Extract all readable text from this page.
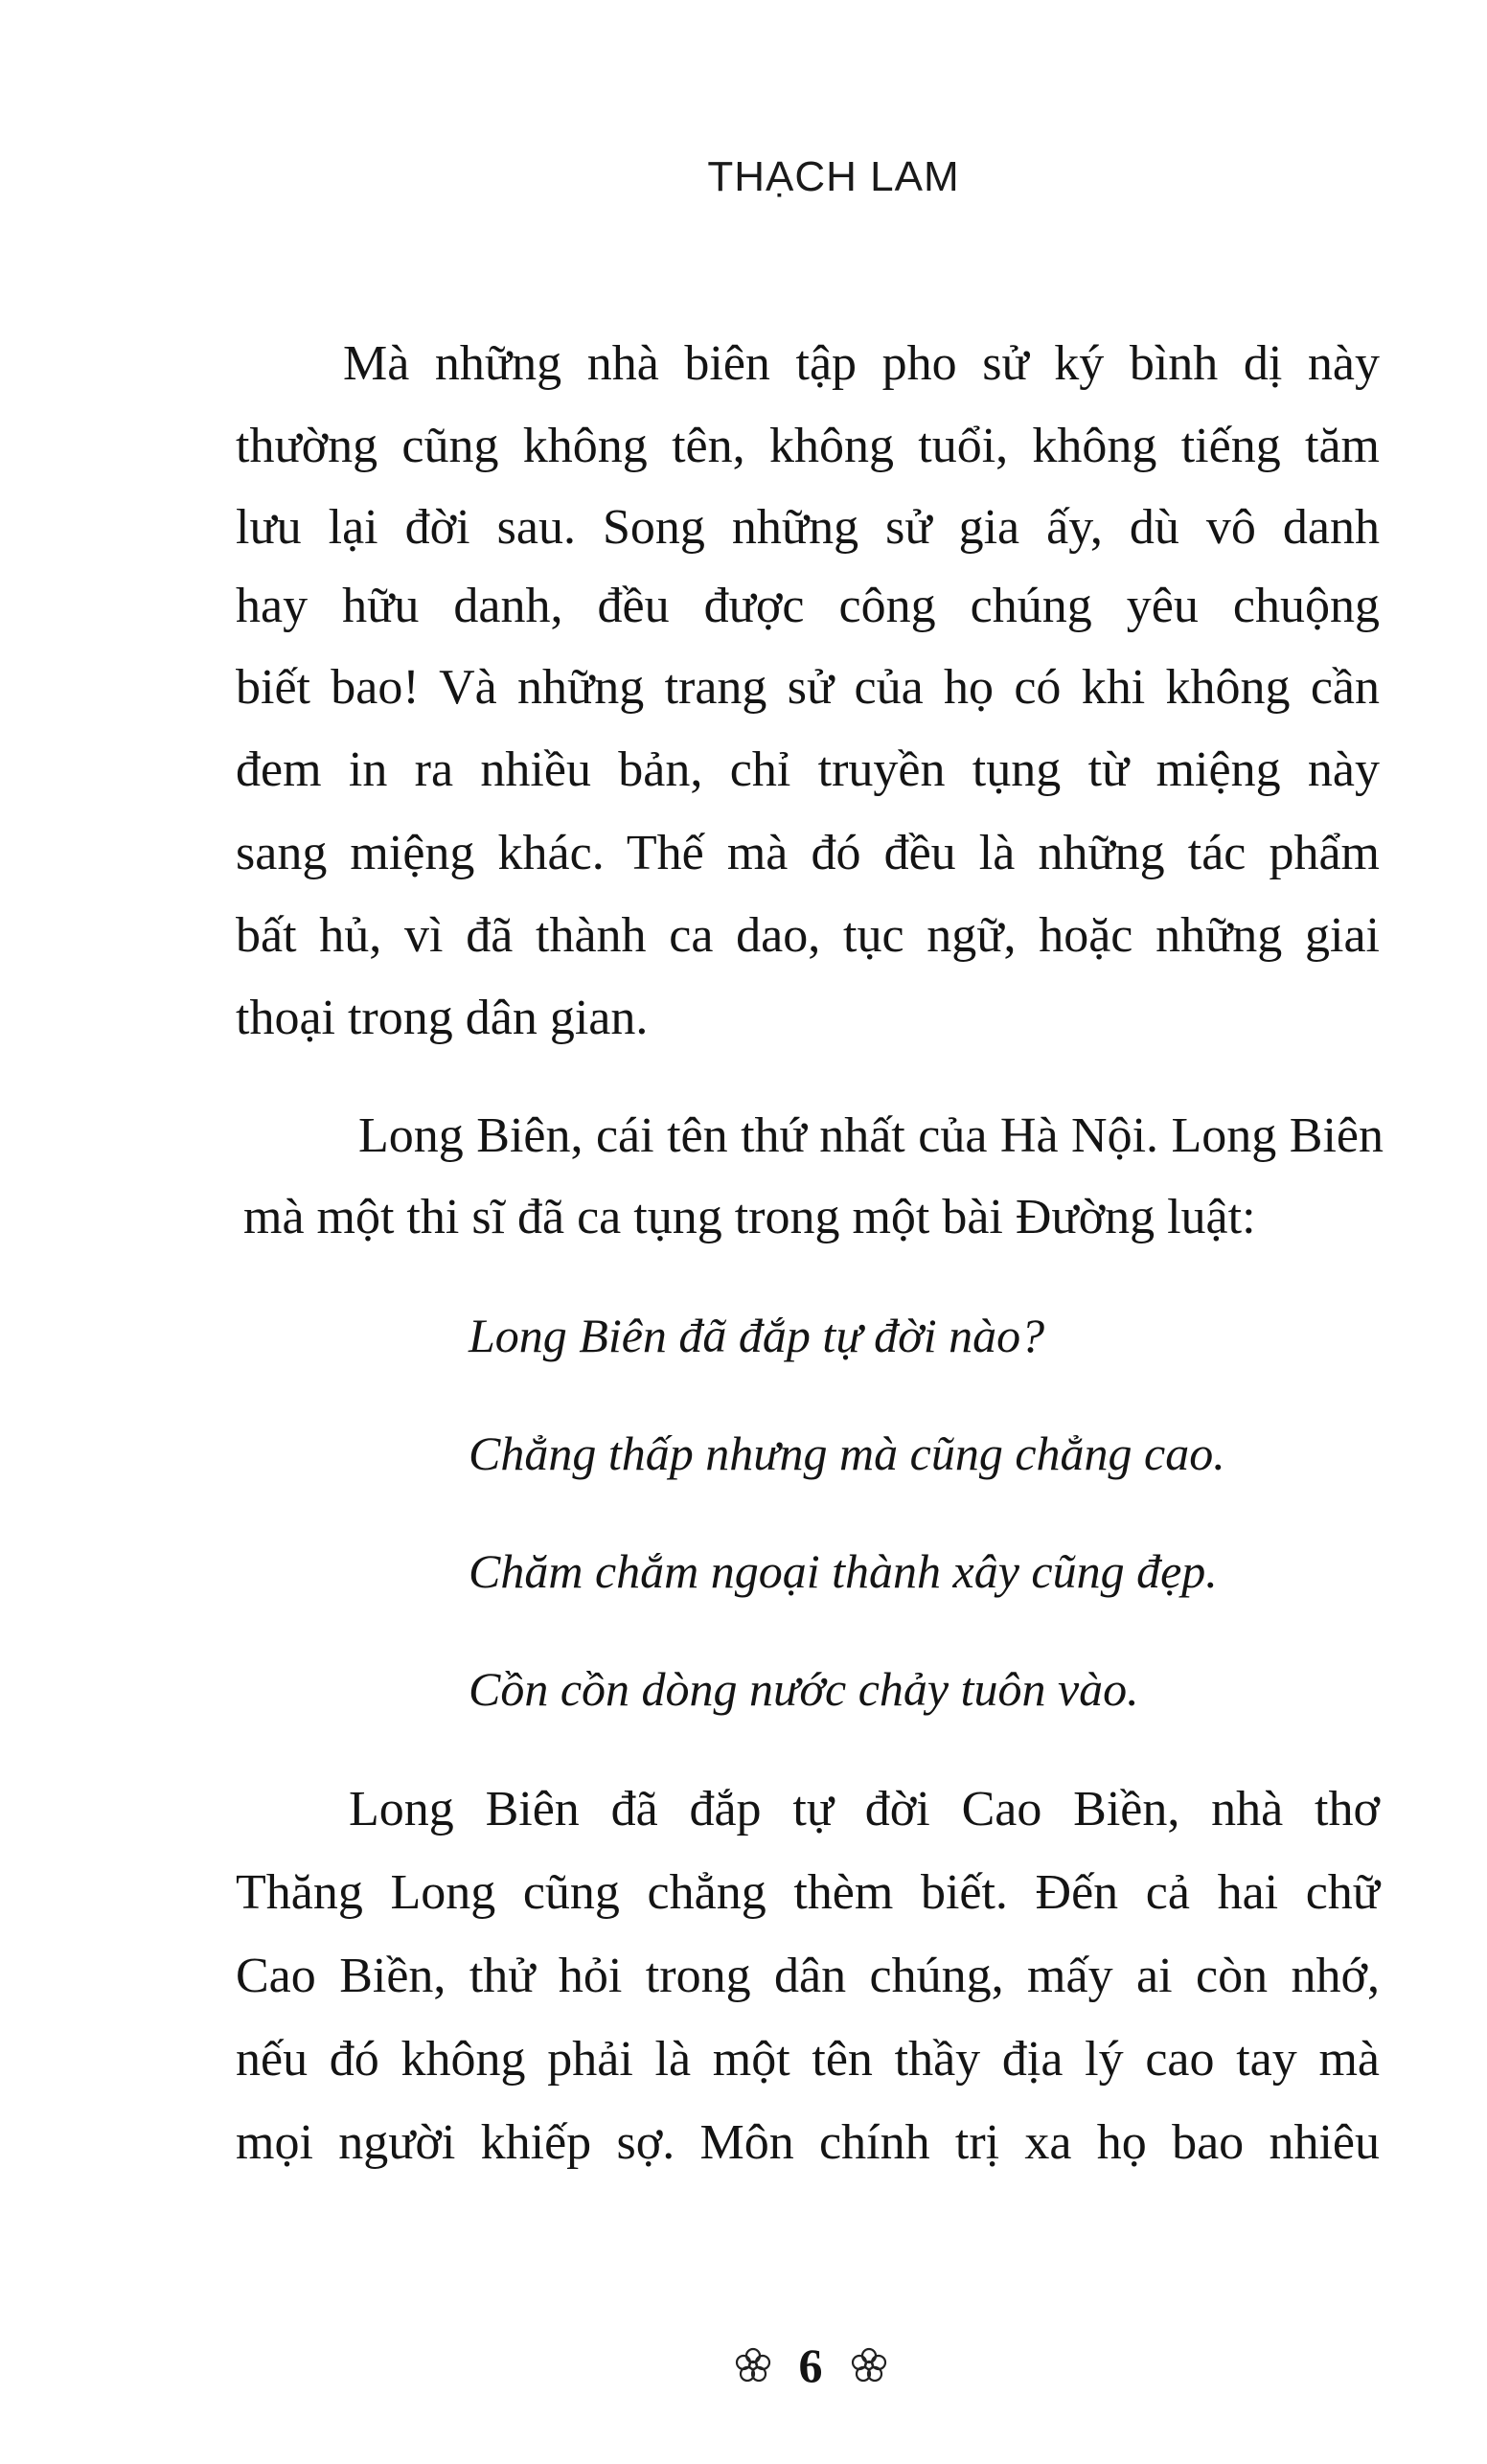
THẠCH LAM
Mà những nhà biên tập pho sử ký bình dị này
thường cũng không tên, không tuổi, không tiếng tăm
lưu lại đời sau. Song những sử gia ấy, dù vô danh
hay hữu danh, đều được công chúng yêu chuộng
biết bao! Và những trang sử của họ có khi không cần
đem in ra nhiều bản, chỉ truyền tụng từ miệng này
sang miệng khác. Thế mà đó đều là những tác phẩm
bất hủ, vì đã thành ca dao, tục ngữ, hoặc những giai
thoại trong dân gian.
Long Biên, cái tên thứ nhất của Hà Nội. Long Biên
mà một thi sĩ đã ca tụng trong một bài Đường luật:
Long Biên đã đắp tự đời nào?
Chẳng thấp nhưng mà cũng chẳng cao.
Chăm chắm ngoại thành xây cũng đẹp.
Cồn cồn dòng nước chảy tuôn vào.
Long Biên đã đắp tự đời Cao Biền, nhà thơ
Thăng Long cũng chẳng thèm biết. Đến cả hai chữ
Cao Biền, thử hỏi trong dân chúng, mấy ai còn nhớ,
nếu đó không phải là một tên thầy địa lý cao tay mà
mọi người khiếp sợ. Môn chính trị xa họ bao nhiêu
6
